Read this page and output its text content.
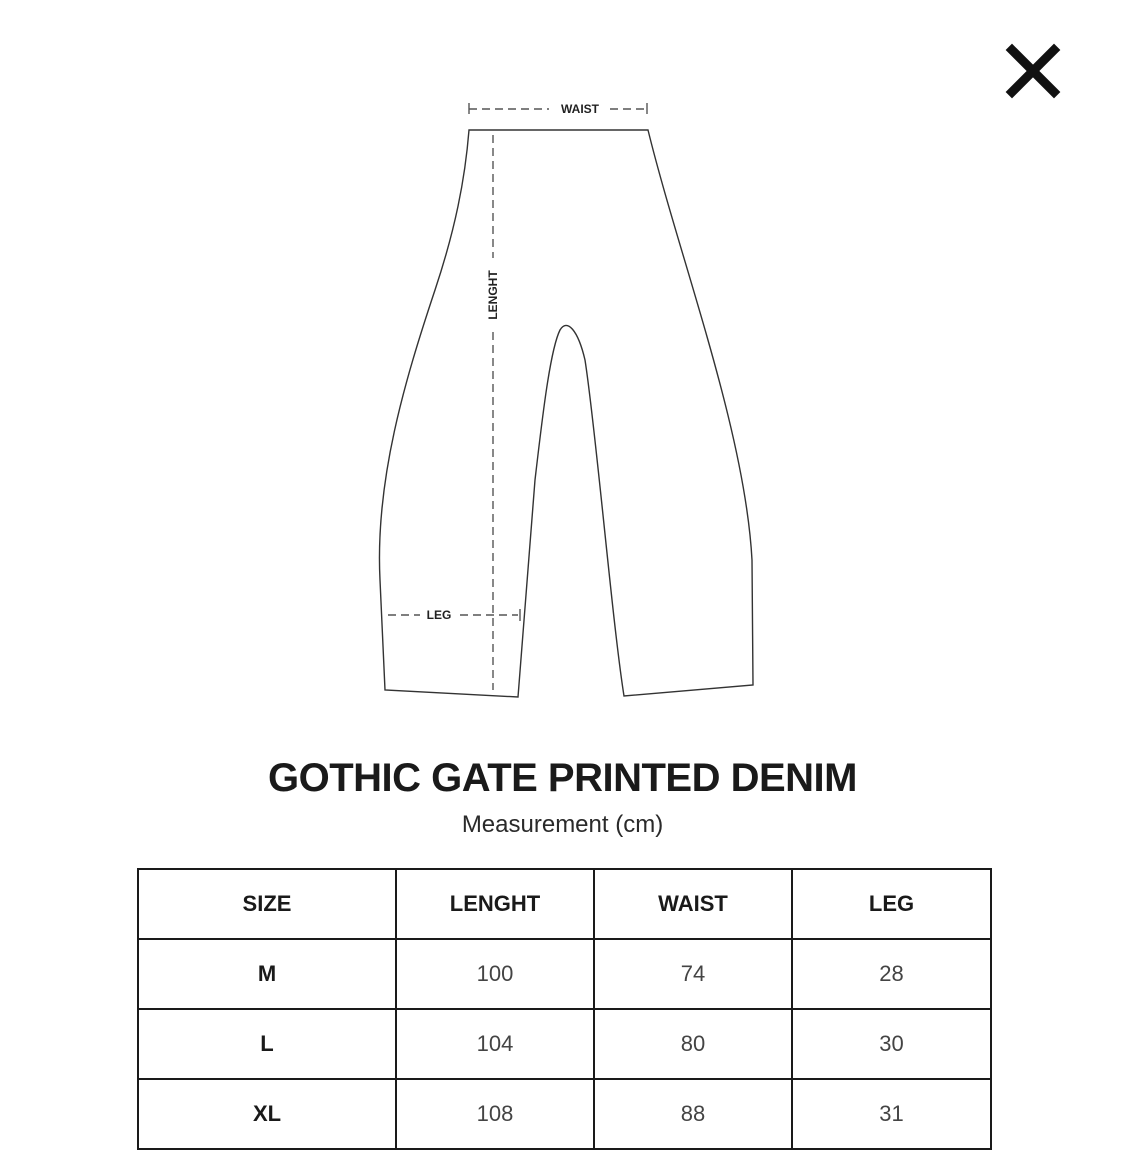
WAIST
LENGHT
LEG
GOTHIC GATE PRINTED DENIM

Measurement (cm)

SIZE	LENGHT	WAIST	LEG
M	100	74	28
L	104	80	30
XL	108	88	31
